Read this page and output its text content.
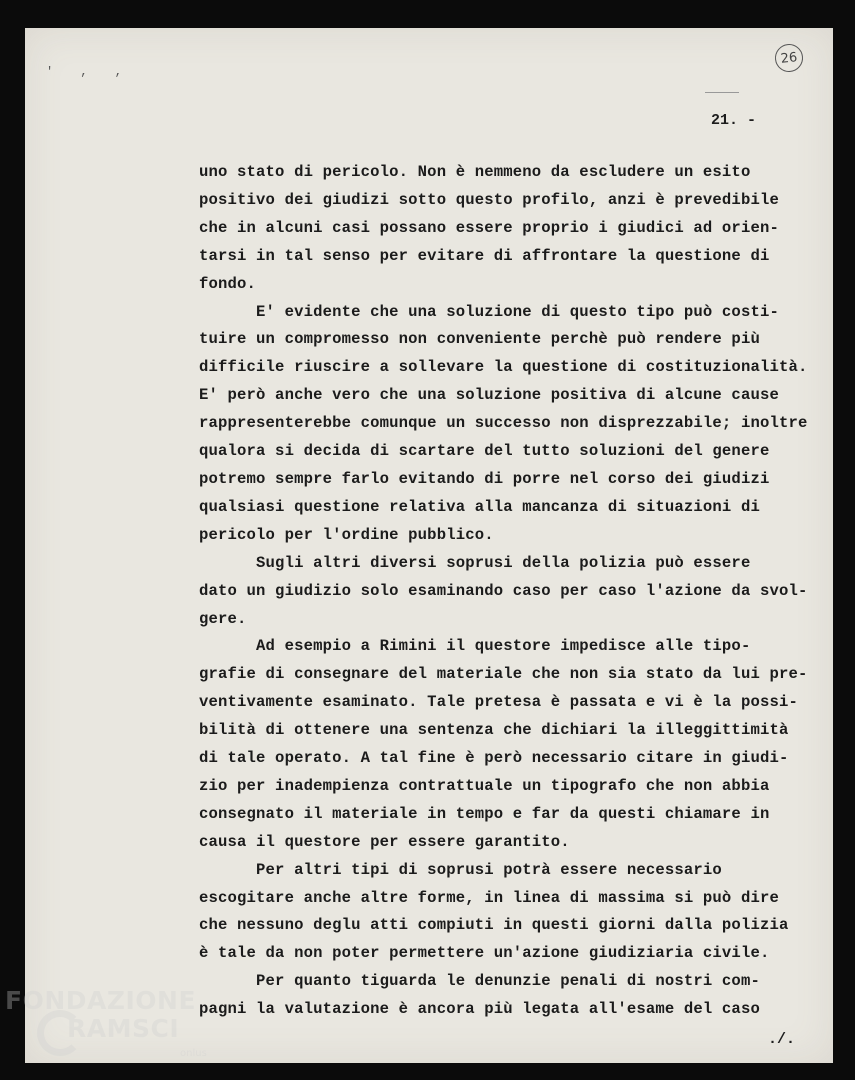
' , ,
26
21. -
uno stato di pericolo. Non è nemmeno da escludere un esito
positivo dei giudizi sotto questo profilo, anzi è prevedibile
che in alcuni casi possano essere proprio i giudici ad orien-
tarsi in tal senso per evitare di affrontare la questione di
fondo.
E' evidente che una soluzione di questo tipo può costi-
tuire un compromesso non conveniente perchè può rendere più
difficile riuscire a sollevare la questione di costituzionalità.
E' però anche vero che una soluzione positiva di alcune cause
rappresenterebbe comunque un successo non disprezzabile; inoltre
qualora si decida di scartare del tutto soluzioni del genere
potremo sempre farlo evitando di porre nel corso dei giudizi
qualsiasi questione relativa alla mancanza di situazioni di
pericolo per l'ordine pubblico.
Sugli altri diversi soprusi della polizia può essere
dato un giudizio solo esaminando caso per caso l'azione da svol-
gere.
Ad esempio a Rimini il questore impedisce alle tipo-
grafie di consegnare del materiale che non sia stato da lui pre-
ventivamente esaminato. Tale pretesa è passata e vi è la possi-
bilità di ottenere una sentenza che dichiari la illeggittimità
di tale operato. A tal fine è però necessario citare in giudi-
zio per inadempienza contrattuale un tipografo che non abbia
consegnato il materiale in tempo e far da questi chiamare in
causa il questore per essere garantito.
Per altri tipi di soprusi potrà essere necessario
escogitare anche altre forme, in linea di massima si può dire
che nessuno deglu atti compiuti in questi giorni dalla polizia
è tale da non poter permettere un'azione giudiziaria civile.
Per quanto tiguarda le denunzie penali di nostri com-
pagni la valutazione è ancora più legata all'esame del caso
./.
FONDAZIONE
RAMSCI
onlus
